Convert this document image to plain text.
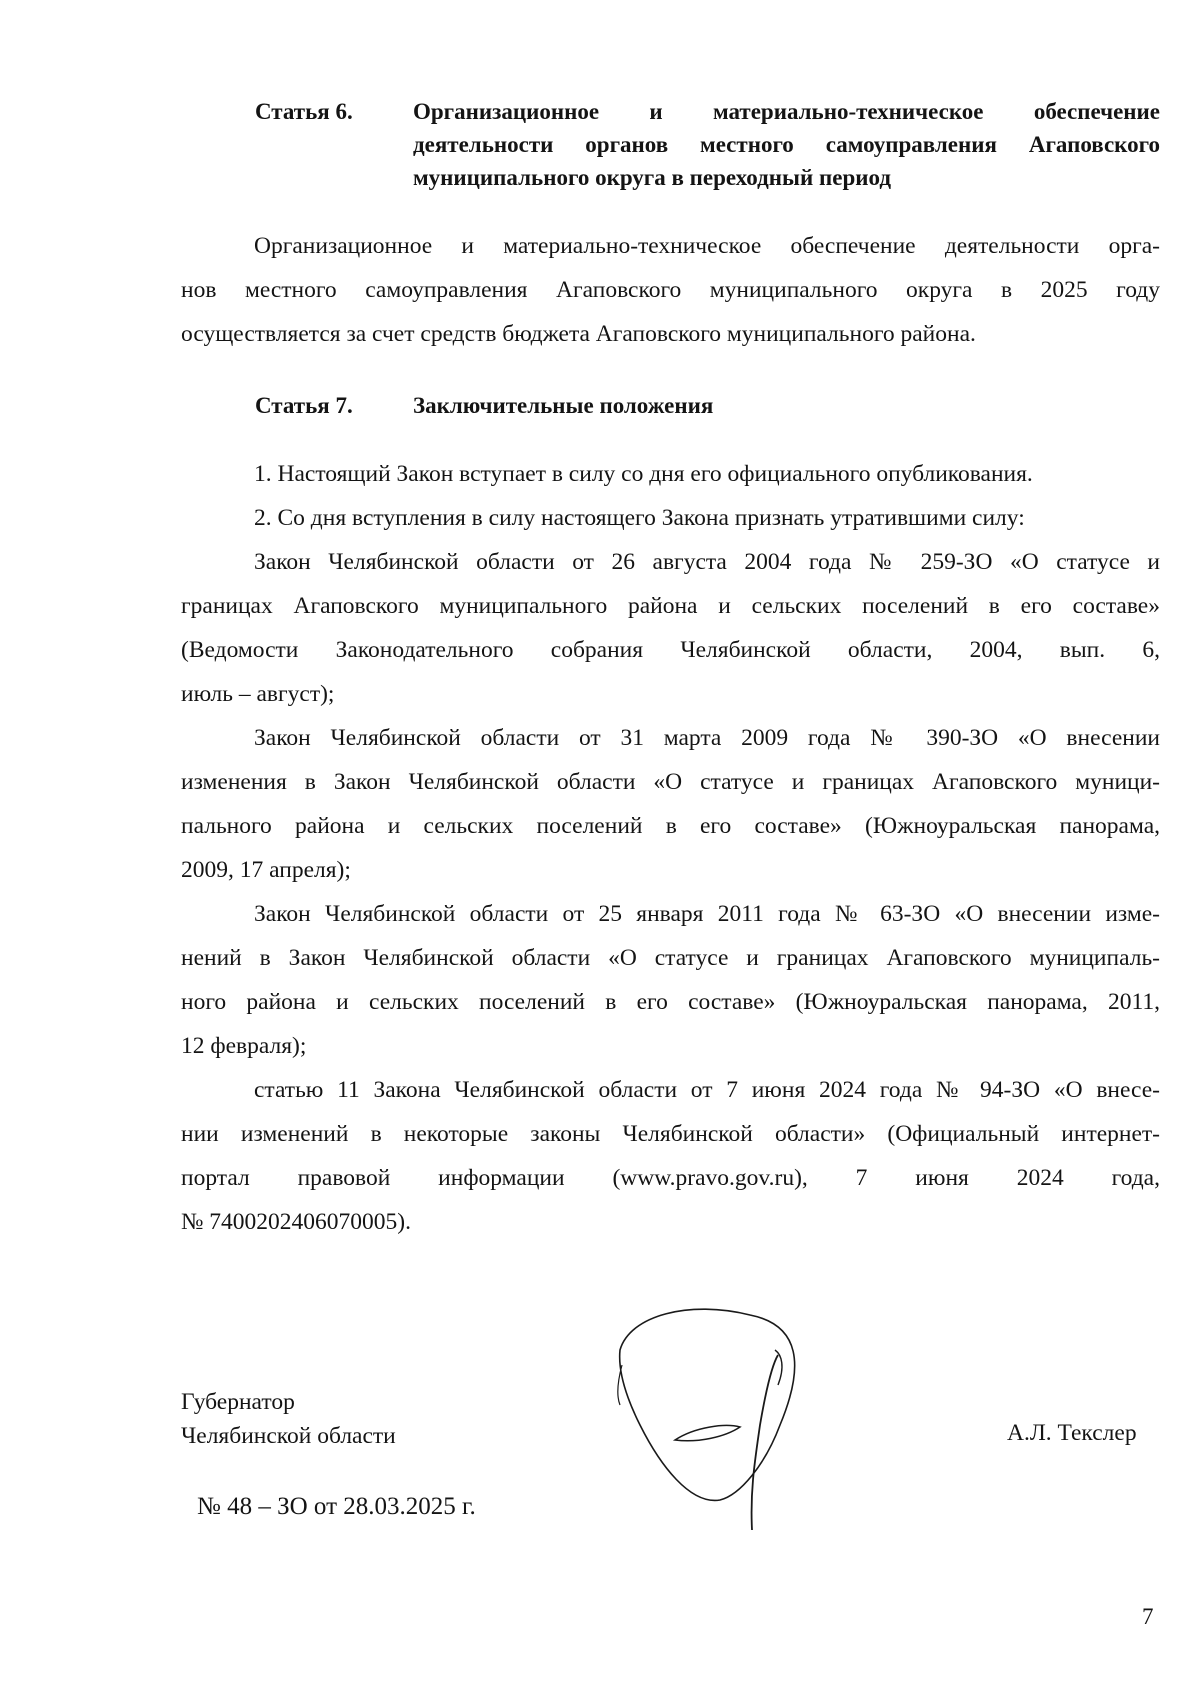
Статья 6.	Организационное и материально-техническое обеспечение
деятельности органов местного самоуправления Агаповского
муниципального округа в переходный период
Организационное и материально-техническое обеспечение деятельности орга-
нов местного самоуправления Агаповского муниципального округа в 2025 году
осуществляется за счет средств бюджета Агаповского муниципального района.
Статья 7.	Заключительные положения
1. Настоящий Закон вступает в силу со дня его официального опубликования.
2. Со дня вступления в силу настоящего Закона признать утратившими силу:
Закон Челябинской области от 26 августа 2004 года № 259-ЗО «О статусе и
границах Агаповского муниципального района и сельских поселений в его составе»
(Ведомости Законодательного собрания Челябинской области, 2004, вып. 6,
июль – август);
Закон Челябинской области от 31 марта 2009 года № 390-ЗО «О внесении
изменения в Закон Челябинской области «О статусе и границах Агаповского муници-
пального района и сельских поселений в его составе» (Южноуральская панорама,
2009, 17 апреля);
Закон Челябинской области от 25 января 2011 года № 63-ЗО «О внесении изме-
нений в Закон Челябинской области «О статусе и границах Агаповского муниципаль-
ного района и сельских поселений в его составе» (Южноуральская панорама, 2011,
12 февраля);
статью 11 Закона Челябинской области от 7 июня 2024 года № 94-ЗО «О внесе-
нии изменений в некоторые законы Челябинской области» (Официальный интернет-
портал правовой информации (www.pravo.gov.ru), 7 июня 2024 года,
№ 7400202406070005).
Губернатор
Челябинской области	А.Л. Текслер
№ 48 – ЗО от 28.03.2025 г.
7
